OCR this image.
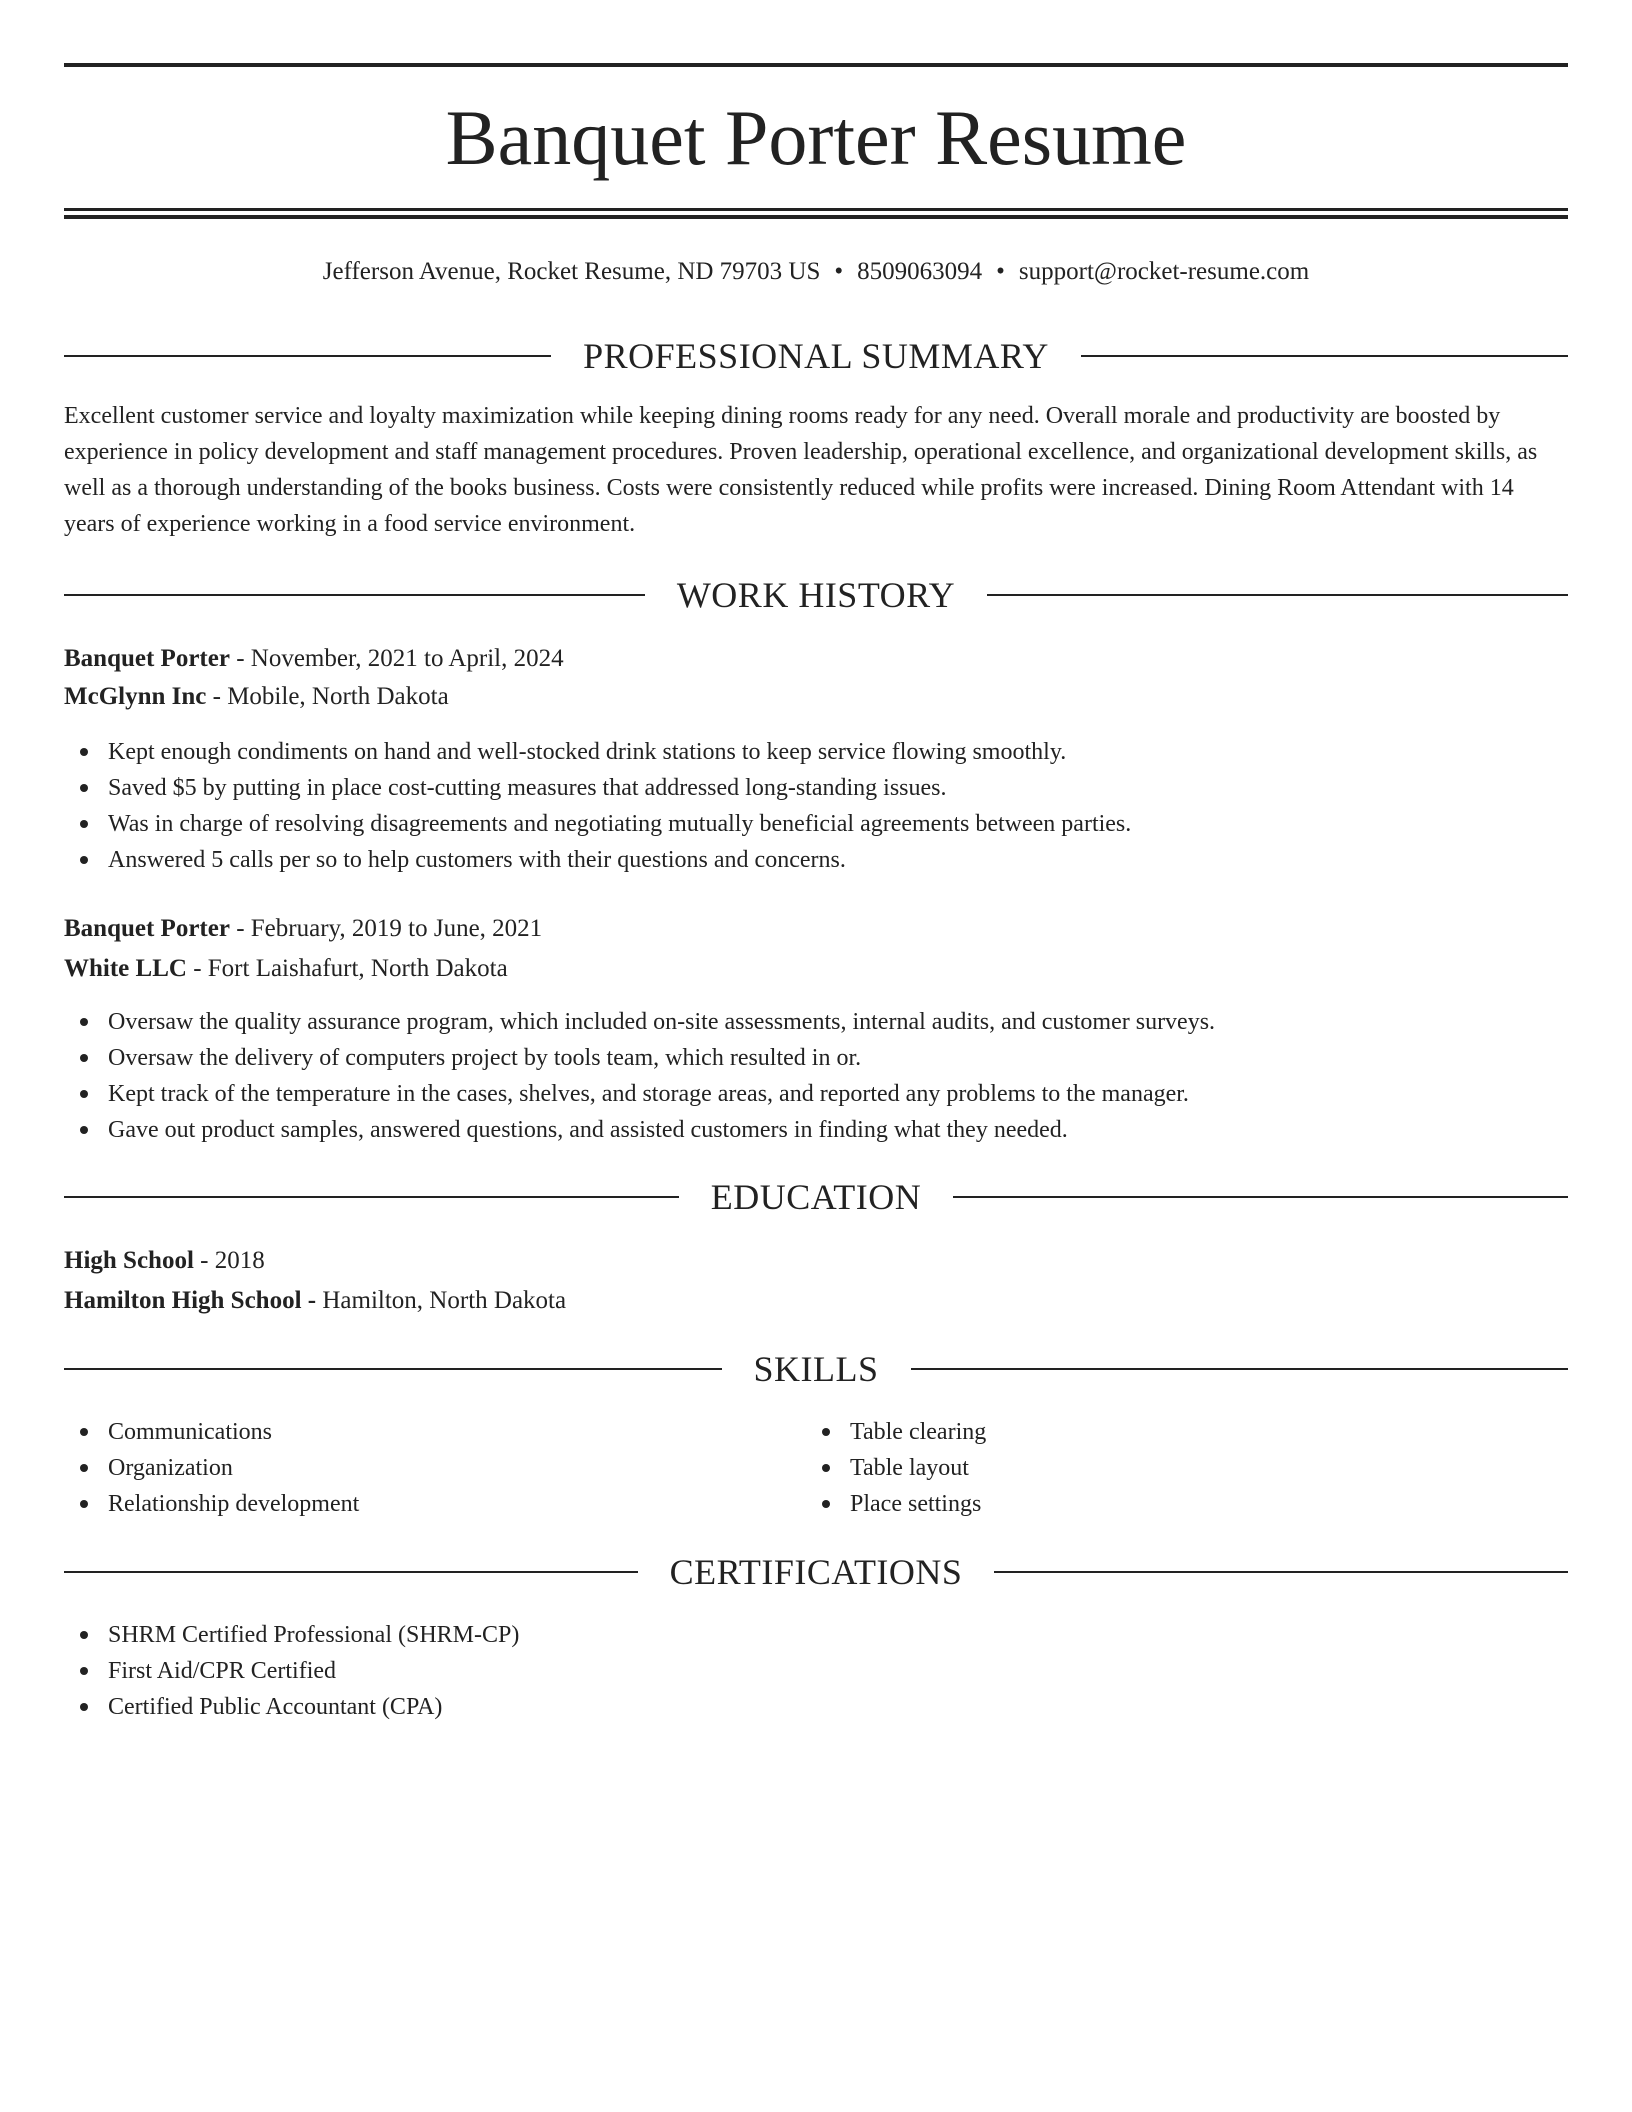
Banquet Porter Resume
Jefferson Avenue, Rocket Resume, ND 79703 US • 8509063094 • support@rocket-resume.com
PROFESSIONAL SUMMARY
Excellent customer service and loyalty maximization while keeping dining rooms ready for any need. Overall morale and productivity are boosted by experience in policy development and staff management procedures. Proven leadership, operational excellence, and organizational development skills, as well as a thorough understanding of the books business. Costs were consistently reduced while profits were increased. Dining Room Attendant with 14 years of experience working in a food service environment.
WORK HISTORY
Banquet Porter - November, 2021 to April, 2024
McGlynn Inc - Mobile, North Dakota
Kept enough condiments on hand and well-stocked drink stations to keep service flowing smoothly.
Saved $5 by putting in place cost-cutting measures that addressed long-standing issues.
Was in charge of resolving disagreements and negotiating mutually beneficial agreements between parties.
Answered 5 calls per so to help customers with their questions and concerns.
Banquet Porter - February, 2019 to June, 2021
White LLC - Fort Laishafurt, North Dakota
Oversaw the quality assurance program, which included on-site assessments, internal audits, and customer surveys.
Oversaw the delivery of computers project by tools team, which resulted in or.
Kept track of the temperature in the cases, shelves, and storage areas, and reported any problems to the manager.
Gave out product samples, answered questions, and assisted customers in finding what they needed.
EDUCATION
High School - 2018
Hamilton High School - Hamilton, North Dakota
SKILLS
Communications
Organization
Relationship development
Table clearing
Table layout
Place settings
CERTIFICATIONS
SHRM Certified Professional (SHRM-CP)
First Aid/CPR Certified
Certified Public Accountant (CPA)
